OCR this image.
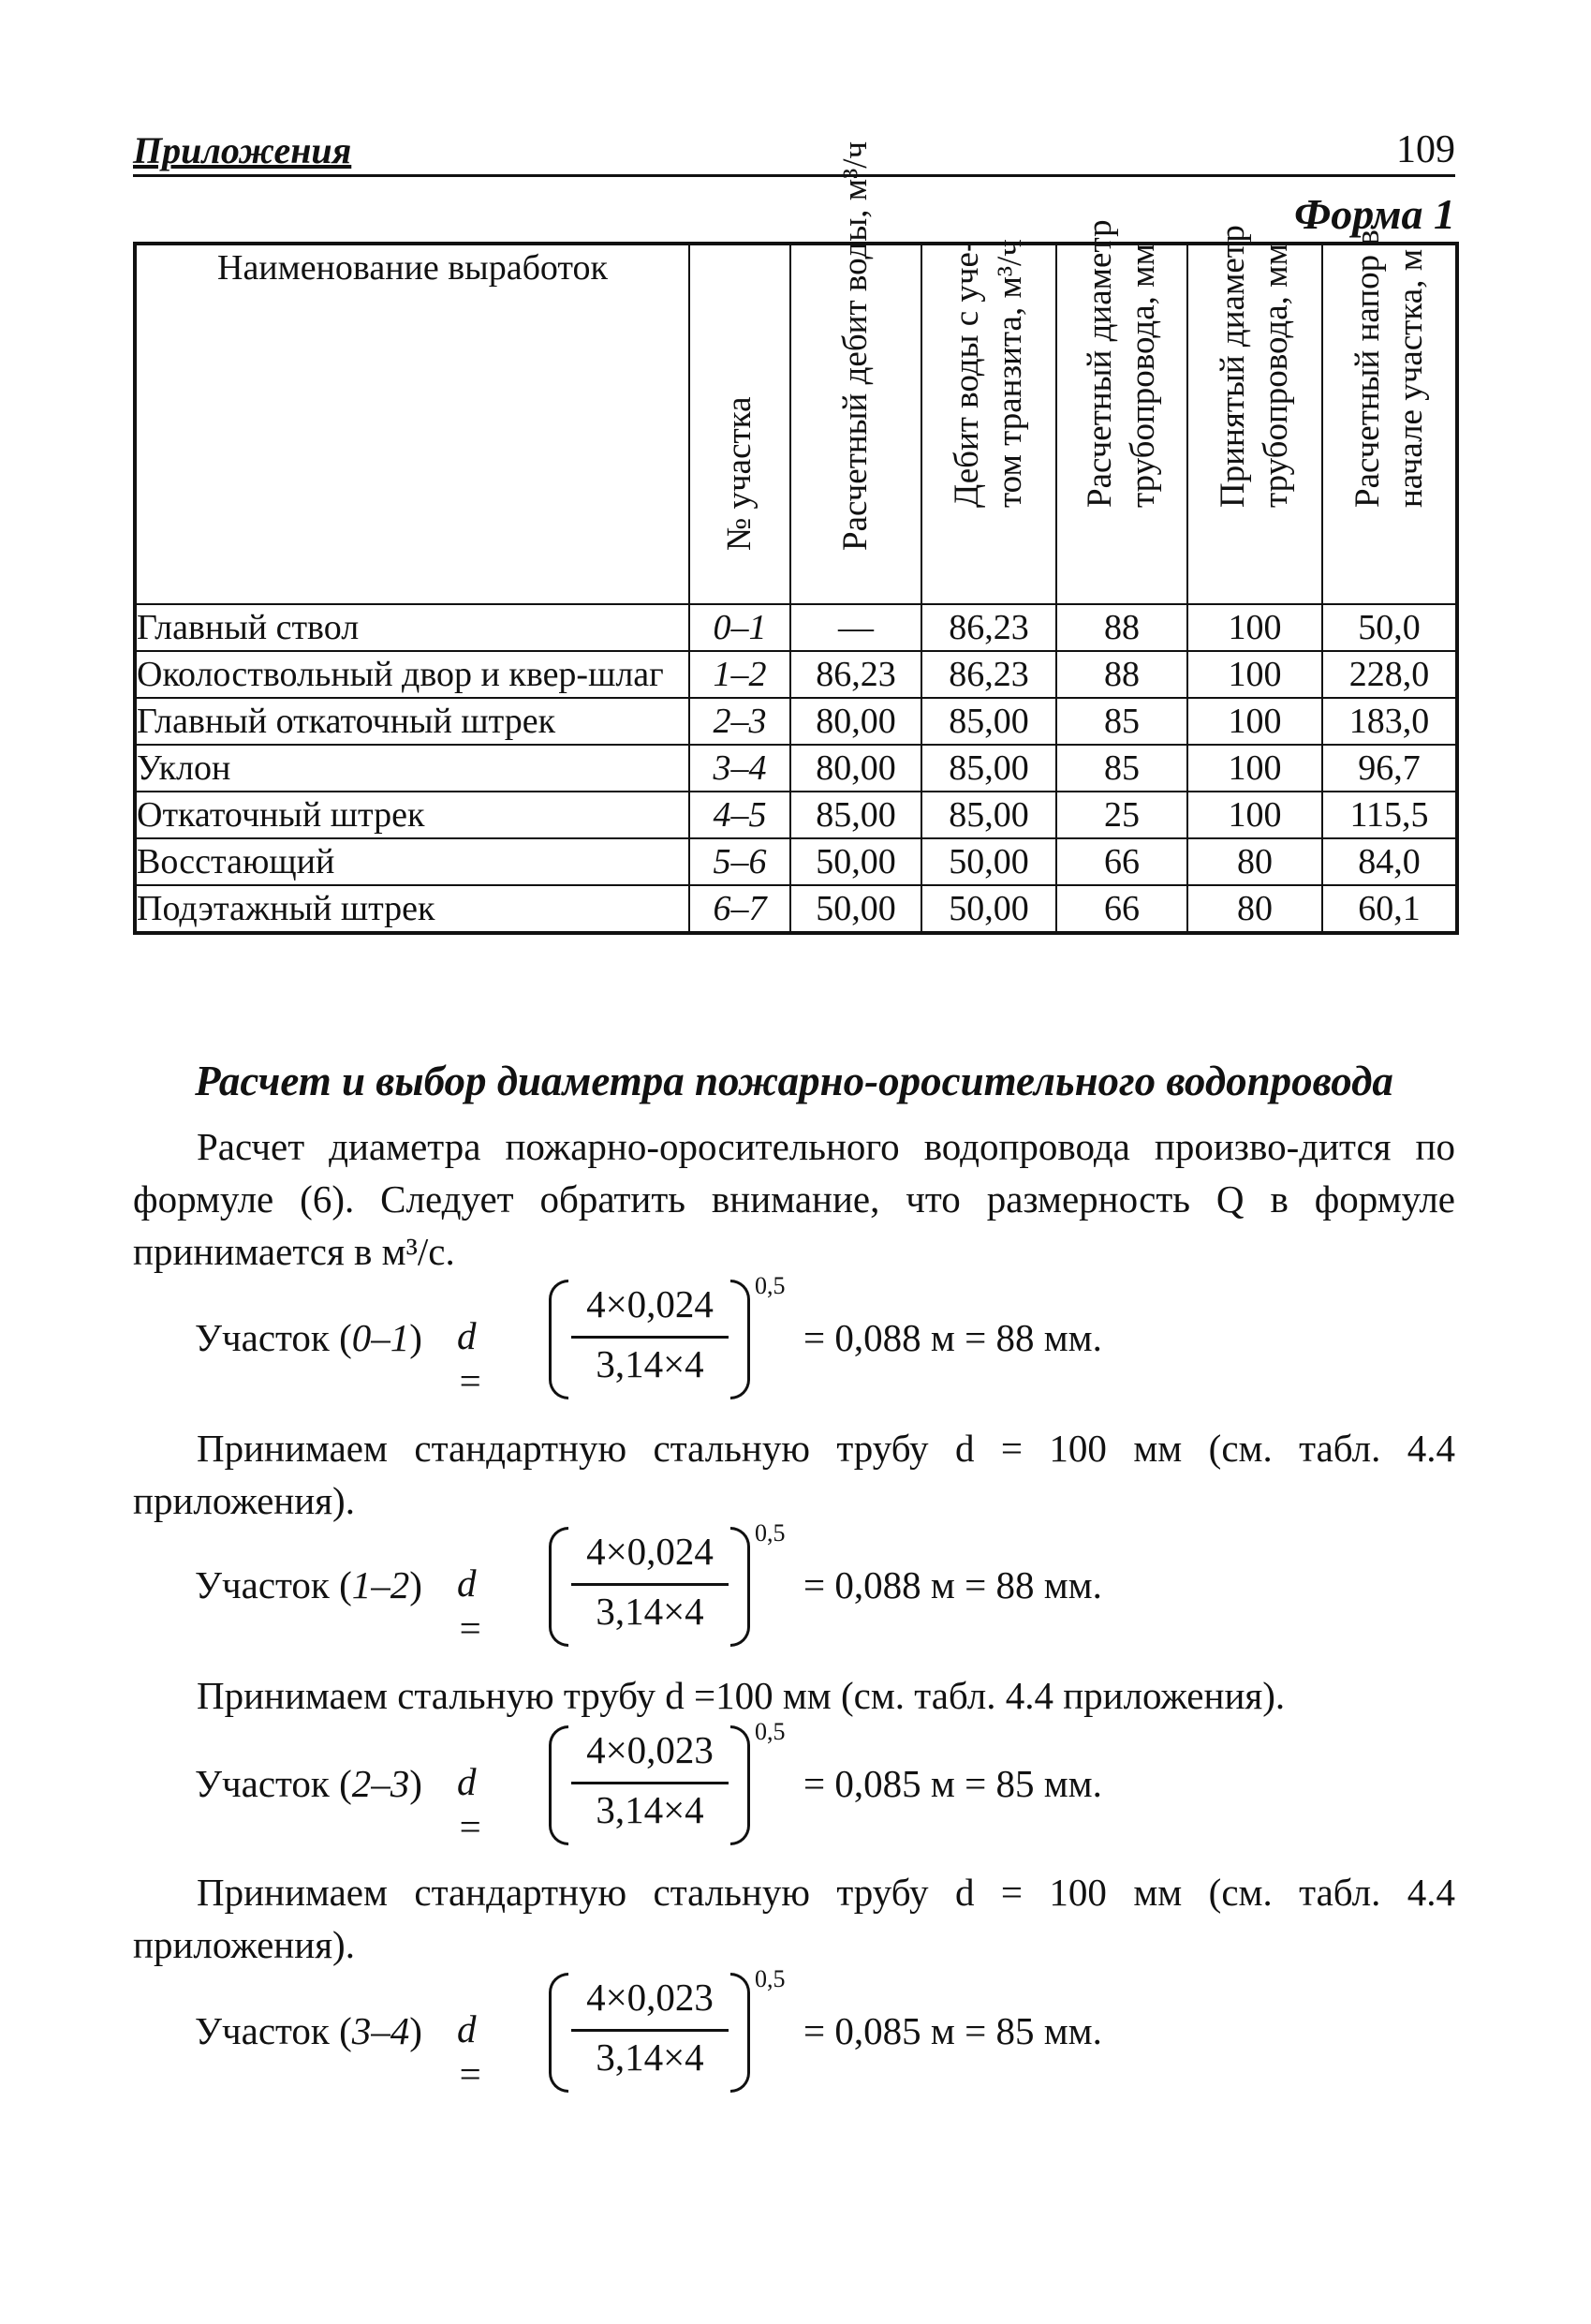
Приложения	109
Форма 1
Наименование выработок	№ участка	Расчетный дебит воды, м³/ч	Дебит воды с уче- том транзита, м³/ч	Расчетный диаметр трубопровода, мм	Принятый диаметр трубопровода, мм	Расчетный напор в начале участка, м

Главный ствол	0–1	—	86,23	88	100	50,0
Околоствольный двор и квер-шлаг	1–2	86,23	86,23	88	100	228,0
Главный откаточный штрек	2–3	80,00	85,00	85	100	183,0
Уклон	3–4	80,00	85,00	85	100	96,7
Откаточный штрек	4–5	85,00	85,00	25	100	115,5
Восстающий	5–6	50,00	50,00	66	80	84,0
Подэтажный штрек	6–7	50,00	50,00	66	80	60,1
Расчет и выбор диаметра пожарно-оросительного водопровода
Расчет диаметра пожарно-оросительного водопровода произво-дится по формуле (6). Следует обратить внимание, что размерность Q в формуле принимается в м³/с.
Участок (0–1) d =
4×0,024
3,14×4
0,5
= 0,088 м = 88 мм.
Принимаем стандартную стальную трубу d = 100 мм (см. табл. 4.4 приложения).
Участок (1–2) d =
4×0,024
3,14×4
0,5
= 0,088 м = 88 мм.
Принимаем стальную трубу d =100 мм (см. табл. 4.4 приложения).
Участок (2–3) d =
4×0,023
3,14×4
0,5
= 0,085 м = 85 мм.
Принимаем стандартную стальную трубу d = 100 мм (см. табл. 4.4 приложения).
Участок (3–4) d =
4×0,023
3,14×4
0,5
= 0,085 м = 85 мм.
